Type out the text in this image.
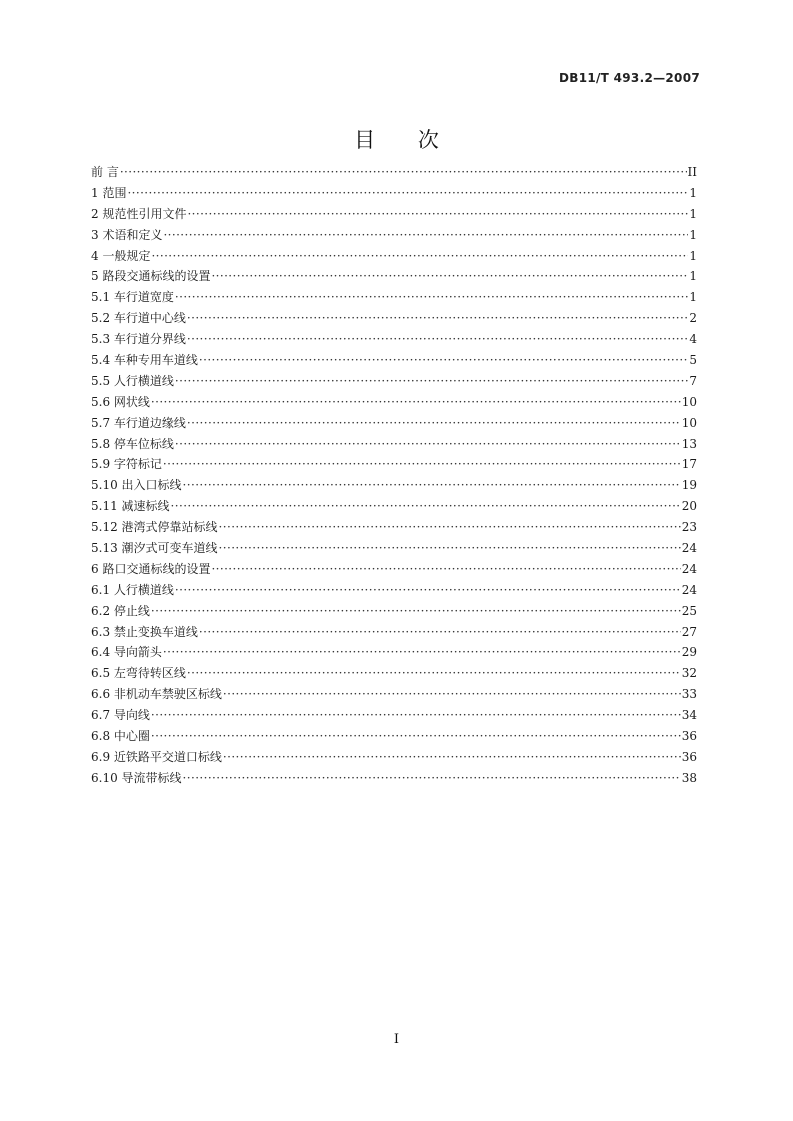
DB11/T 493.2—2007
目 次
前 言 ·····	II
1 范围 ·····	1
2 规范性引用文件 ·····	1
3 术语和定义 ·····	1
4 一般规定 ·····	1
5 路段交通标线的设置 ·····	1
5.1 车行道宽度 ·····	1
5.2 车行道中心线 ·····	2
5.3 车行道分界线 ·····	4
5.4 车种专用车道线 ·····	5
5.5 人行横道线 ·····	7
5.6 网状线 ·····	10
5.7 车行道边缘线 ·····	10
5.8 停车位标线 ·····	13
5.9 字符标记 ·····	17
5.10 出入口标线 ·····	19
5.11 减速标线 ·····	20
5.12 港湾式停靠站标线 ·····	23
5.13 潮汐式可变车道线 ·····	24
6 路口交通标线的设置 ·····	24
6.1 人行横道线 ·····	24
6.2 停止线 ·····	25
6.3 禁止变换车道线 ·····	27
6.4 导向箭头 ·····	29
6.5 左弯待转区线 ·····	32
6.6 非机动车禁驶区标线 ·····	33
6.7 导向线 ·····	34
6.8 中心圈 ·····	36
6.9 近铁路平交道口标线 ·····	36
6.10 导流带标线 ·····	38
I
